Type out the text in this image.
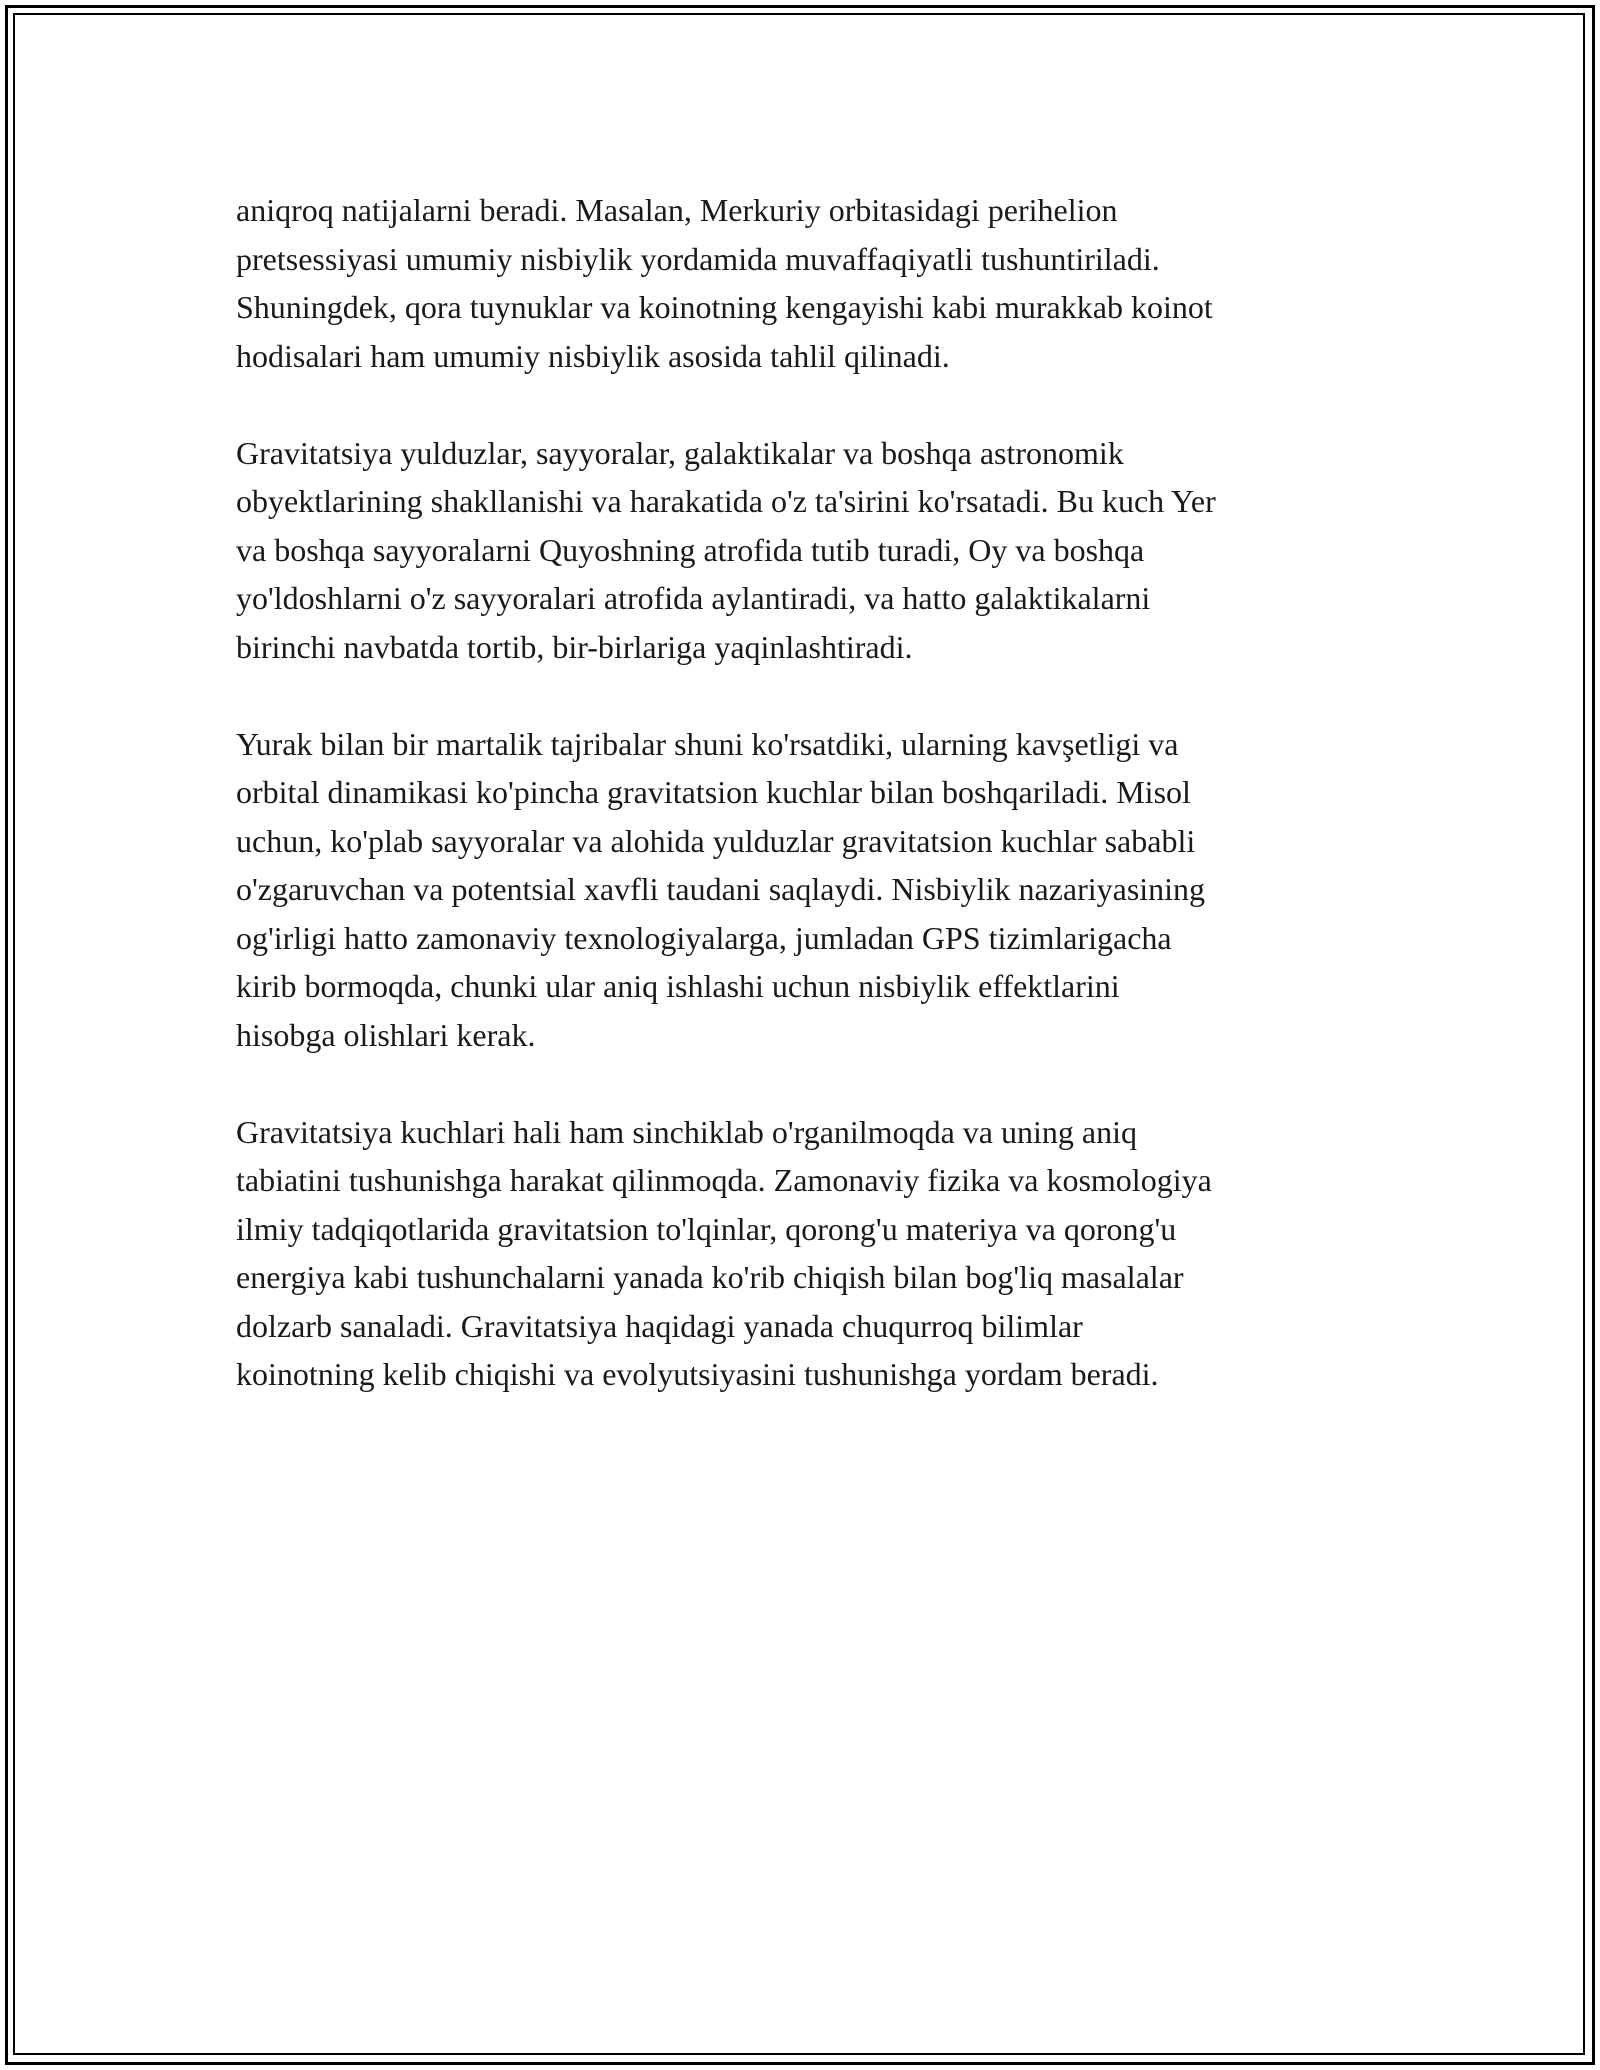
aniqroq natijalarni beradi. Masalan, Merkuriy orbitasidagi perihelion
pretsessiyasi umumiy nisbiylik yordamida muvaffaqiyatli tushuntiriladi.
Shuningdek, qora tuynuklar va koinotning kengayishi kabi murakkab koinot
hodisalari ham umumiy nisbiylik asosida tahlil qilinadi.

Gravitatsiya yulduzlar, sayyoralar, galaktikalar va boshqa astronomik
obyektlarining shakllanishi va harakatida o'z ta'sirini ko'rsatadi. Bu kuch Yer
va boshqa sayyoralarni Quyoshning atrofida tutib turadi, Oy va boshqa
yo'ldoshlarni o'z sayyoralari atrofida aylantiradi, va hatto galaktikalarni
birinchi navbatda tortib, bir-birlariga yaqinlashtiradi.

Yurak bilan bir martalik tajribalar shuni ko'rsatdiki, ularning kavşetligi va
orbital dinamikasi ko'pincha gravitatsion kuchlar bilan boshqariladi. Misol
uchun, ko'plab sayyoralar va alohida yulduzlar gravitatsion kuchlar sababli
o'zgaruvchan va potentsial xavfli taudani saqlaydi. Nisbiylik nazariyasining
og'irligi hatto zamonaviy texnologiyalarga, jumladan GPS tizimlarigacha
kirib bormoqda, chunki ular aniq ishlashi uchun nisbiylik effektlarini
hisobga olishlari kerak.

Gravitatsiya kuchlari hali ham sinchiklab o'rganilmoqda va uning aniq
tabiatini tushunishga harakat qilinmoqda. Zamonaviy fizika va kosmologiya
ilmiy tadqiqotlarida gravitatsion to'lqinlar, qorong'u materiya va qorong'u
energiya kabi tushunchalarni yanada ko'rib chiqish bilan bog'liq masalalar
dolzarb sanaladi. Gravitatsiya haqidagi yanada chuqurroq bilimlar
koinotning kelib chiqishi va evolyutsiyasini tushunishga yordam beradi.
